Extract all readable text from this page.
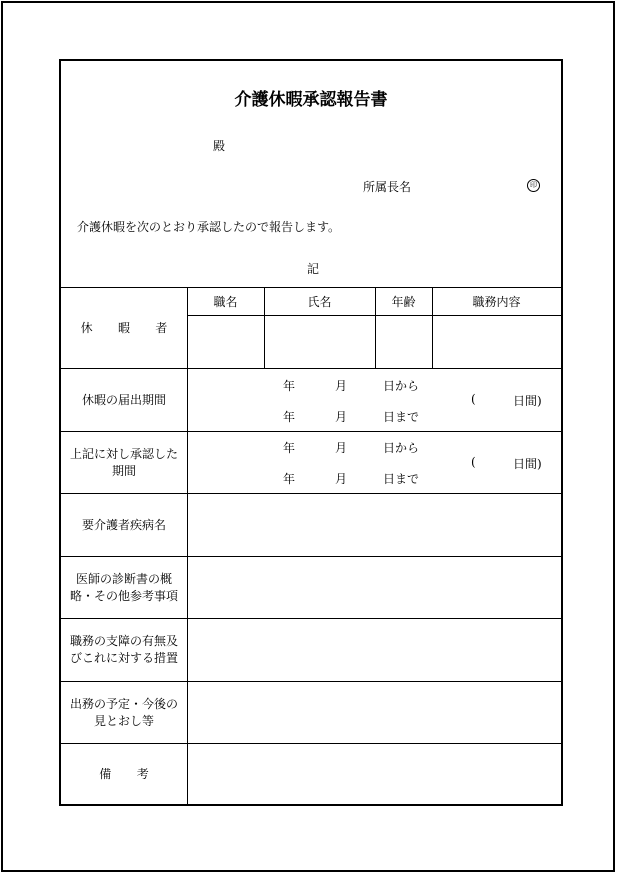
介護休暇承認報告書
殿
所属長名	印
介護休暇を次のとおり承認したので報告します。
記
休 暇 者
職名	氏名	年齢	職務内容
休暇の届出期間
年	月	日から
年	月	日まで
(	日間)
上記に対し承認した期間
年	月	日から
年	月	日まで
(	日間)
要介護者疾病名
医師の診断書の概略・その他参考事項
職務の支障の有無及びこれに対する措置
出務の予定・今後の見とおし等
備 考
